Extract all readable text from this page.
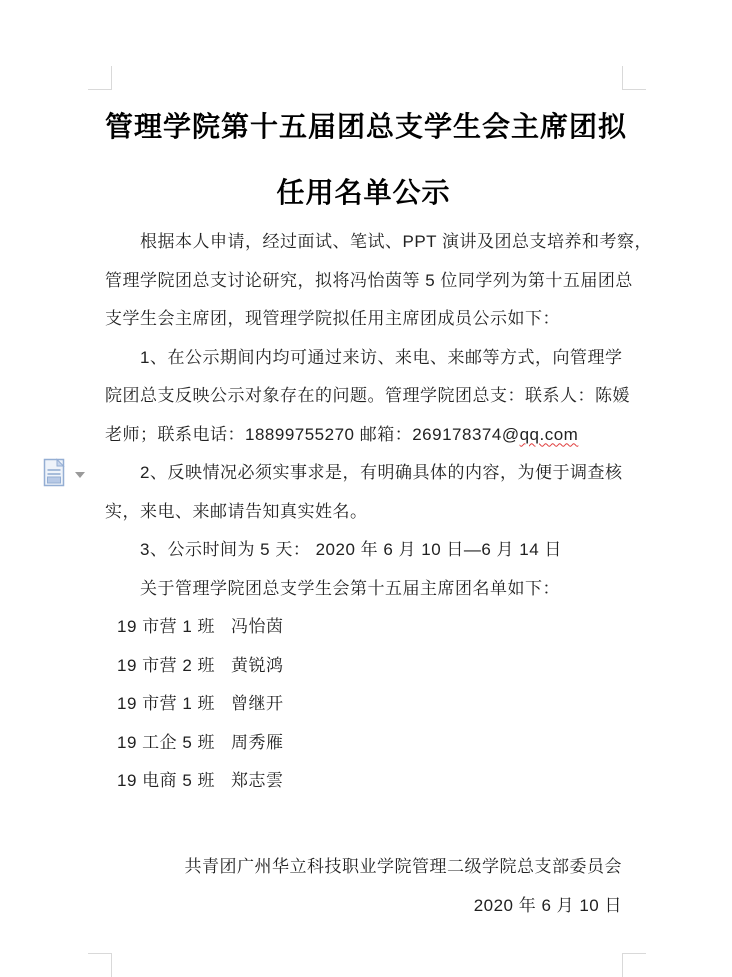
管理学院第十五届团总支学生会主席团拟
任用名单公示
根据本人申请，经过面试、笔试、PPT 演讲及团总支培养和考察，
管理学院团总支讨论研究，拟将冯怡茵等 5 位同学列为第十五届团总
支学生会主席团，现管理学院拟任用主席团成员公示如下：
1、在公示期间内均可通过来访、来电、来邮等方式，向管理学
院团总支反映公示对象存在的问题。管理学院团总支：联系人：陈媛
老师；联系电话：18899755270 邮箱：269178374@qq.com
2、反映情况必须实事求是，有明确具体的内容，为便于调查核
实，来电、来邮请告知真实姓名。
3、公示时间为 5 天： 2020 年 6 月 10 日—6 月 14 日
关于管理学院团总支学生会第十五届主席团名单如下：
19 市营 1 班 冯怡茵
19 市营 2 班 黄锐鸿
19 市营 1 班 曾继开
19 工企 5 班 周秀雁
19 电商 5 班 郑志雲
共青团广州华立科技职业学院管理二级学院总支部委员会
2020 年 6 月 10 日
